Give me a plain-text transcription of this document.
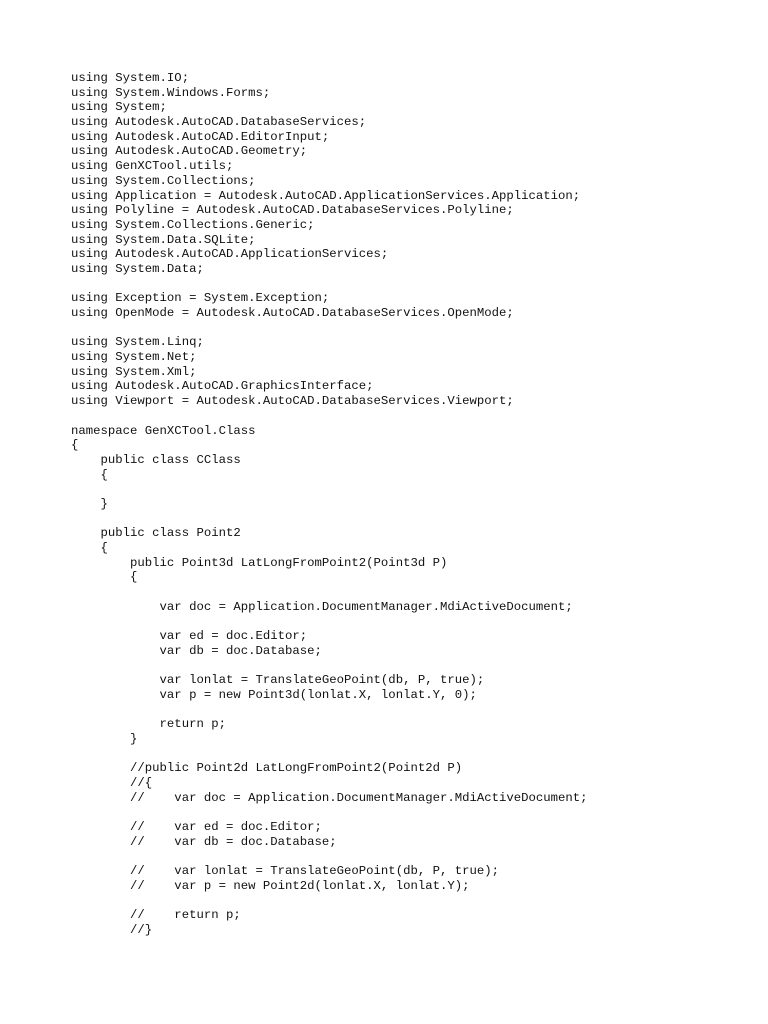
using System.IO;
using System.Windows.Forms;
using System;
using Autodesk.AutoCAD.DatabaseServices;
using Autodesk.AutoCAD.EditorInput;
using Autodesk.AutoCAD.Geometry;
using GenXCTool.utils;
using System.Collections;
using Application = Autodesk.AutoCAD.ApplicationServices.Application;
using Polyline = Autodesk.AutoCAD.DatabaseServices.Polyline;
using System.Collections.Generic;
using System.Data.SQLite;
using Autodesk.AutoCAD.ApplicationServices;
using System.Data;
using Exception = System.Exception;
using OpenMode = Autodesk.AutoCAD.DatabaseServices.OpenMode;
using System.Linq;
using System.Net;
using System.Xml;
using Autodesk.AutoCAD.GraphicsInterface;
using Viewport = Autodesk.AutoCAD.DatabaseServices.Viewport;
namespace GenXCTool.Class
{
public class CClass
{
}
public class Point2
{
public Point3d LatLongFromPoint2(Point3d P)
{
var doc = Application.DocumentManager.MdiActiveDocument;
var ed = doc.Editor;
var db = doc.Database;
var lonlat = TranslateGeoPoint(db, P, true);
var p = new Point3d(lonlat.X, lonlat.Y, 0);
return p;
}
//public Point2d LatLongFromPoint2(Point2d P)
//{
//    var doc = Application.DocumentManager.MdiActiveDocument;
//    var ed = doc.Editor;
//    var db = doc.Database;
//    var lonlat = TranslateGeoPoint(db, P, true);
//    var p = new Point2d(lonlat.X, lonlat.Y);
//    return p;
//}
